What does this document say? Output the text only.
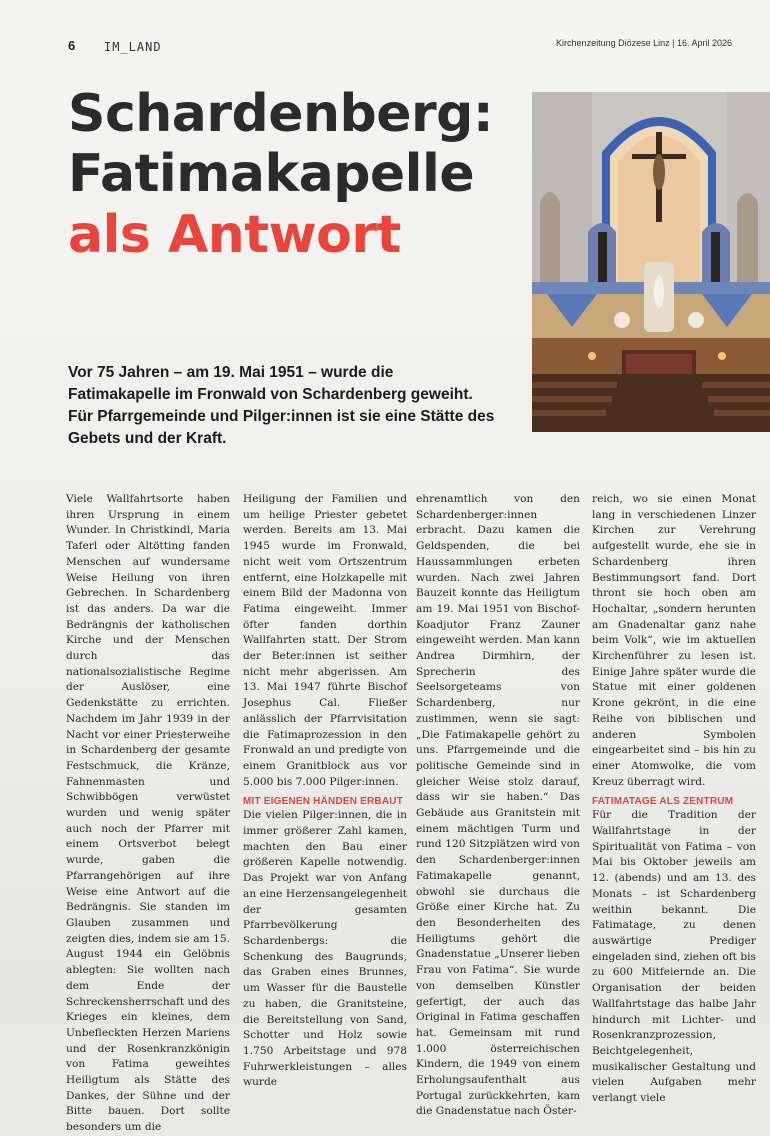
6 IM_LAND	Kirchenzeitung Diözese Linz | 16. April 2026
Schardenberg:
Fatimakapelle
als Antwort
Vor 75 Jahren – am 19. Mai 1951 – wurde die Fatimakapelle im Fronwald von Schardenberg geweiht. Für Pfarrgemeinde und Pilger:innen ist sie eine Stätte des Gebets und der Kraft.

Viele Wallfahrtsorte haben ihren Ursprung in einem Wunder. In Christkindl, Maria Taferl oder Altötting fanden Menschen auf wundersame Weise Heilung von ihren Gebrechen. In Schardenberg ist das anders. Da war die Bedrängnis der katholischen Kirche und der Menschen durch das nationalsozialistische Regime der Auslöser, eine Gedenkstätte zu errichten. Nachdem im Jahr 1939 in der Nacht vor einer Priesterweihe in Schardenberg der gesamte Festschmuck, die Kränze, Fahnenmasten und Schwibbögen verwüstet wurden und wenig später auch noch der Pfarrer mit einem Ortsverbot belegt wurde, gaben die Pfarrangehörigen auf ihre Weise eine Antwort auf die Bedrängnis. Sie standen im Glauben zusammen und zeigten dies, indem sie am 15. August 1944 ein Gelöbnis ablegten: Sie wollten nach dem Ende der Schreckensherrschaft und des Krieges ein kleines, dem Unbefleckten Herzen Mariens und der Rosenkranzkönigin von Fatima geweihtes Heiligtum als Stätte des Dankes, der Sühne und der Bitte bauen. Dort sollte besonders um die

Heiligung der Familien und um heilige Priester gebetet werden. Bereits am 13. Mai 1945 wurde im Fronwald, nicht weit vom Ortszentrum entfernt, eine Holzkapelle mit einem Bild der Madonna von Fatima eingeweiht. Immer öfter fanden dorthin Wallfahrten statt. Der Strom der Beter:innen ist seither nicht mehr abgerissen. Am 13. Mai 1947 führte Bischof Josephus Cal. Fließer anlässlich der Pfarrvisitation die Fatimaprozession in den Fronwald an und predigte von einem Granitblock aus vor 5.000 bis 7.000 Pilger:innen.

MIT EIGENEN HÄNDEN ERBAUT

Die vielen Pilger:innen, die in immer größerer Zahl kamen, machten den Bau einer größeren Kapelle notwendig. Das Projekt war von Anfang an eine Herzensangelegenheit der gesamten Pfarrbevölkerung Schardenbergs: die Schenkung des Baugrunds, das Graben eines Brunnes, um Wasser für die Baustelle zu haben, die Granitsteine, die Bereitstellung von Sand, Schotter und Holz sowie 1.750 Arbeitstage und 978 Fuhrwerkleistungen – alles wurde

ehrenamtlich von den Schardenberger:innen erbracht. Dazu kamen die Geldspenden, die bei Haussammlungen erbeten wurden. Nach zwei Jahren Bauzeit konnte das Heiligtum am 19. Mai 1951 von Bischof-Koadjutor Franz Zauner eingeweiht werden. Man kann Andrea Dirmhirn, der Sprecherin des Seelsorgeteams von Schardenberg, nur zustimmen, wenn sie sagt: „Die Fatimakapelle gehört zu uns. Pfarrgemeinde und die politische Gemeinde sind in gleicher Weise stolz darauf, dass wir sie haben.“ Das Gebäude aus Granitstein mit einem mächtigen Turm und rund 120 Sitzplätzen wird von den Schardenberger:innen Fatimakapelle genannt, obwohl sie durchaus die Größe einer Kirche hat. Zu den Besonderheiten des Heiligtums gehört die Gnadenstatue „Unserer lieben Frau von Fatima“. Sie wurde von demselben Künstler gefertigt, der auch das Original in Fatima geschaffen hat. Gemeinsam mit rund 1.000 österreichischen Kindern, die 1949 von einem Erholungsaufenthalt aus Portugal zurückkehrten, kam die Gnadenstatue nach Öster-

reich, wo sie einen Monat lang in verschiedenen Linzer Kirchen zur Verehrung aufgestellt wurde, ehe sie in Schardenberg ihren Bestimmungsort fand. Dort thront sie hoch oben am Hochaltar, „sondern herunten am Gnadenaltar ganz nahe beim Volk“, wie im aktuellen Kirchenführer zu lesen ist. Einige Jahre später wurde die Statue mit einer goldenen Krone gekrönt, in die eine Reihe von biblischen und anderen Symbolen eingearbeitet sind – bis hin zu einer Atomwolke, die vom Kreuz überragt wird.

FATIMATAGE ALS ZENTRUM

Für die Tradition der Wallfahrtstage in der Spiritualität von Fatima – von Mai bis Oktober jeweils am 12. (abends) und am 13. des Monats – ist Schardenberg weithin bekannt. Die Fatimatage, zu denen auswärtige Prediger eingeladen sind, ziehen oft bis zu 600 Mitfeiernde an. Die Organisation der beiden Wallfahrtstage das halbe Jahr hindurch mit Lichter- und Rosenkranzprozession, Beichtgelegenheit, musikalischer Gestaltung und vielen Aufgaben mehr verlangt viele
